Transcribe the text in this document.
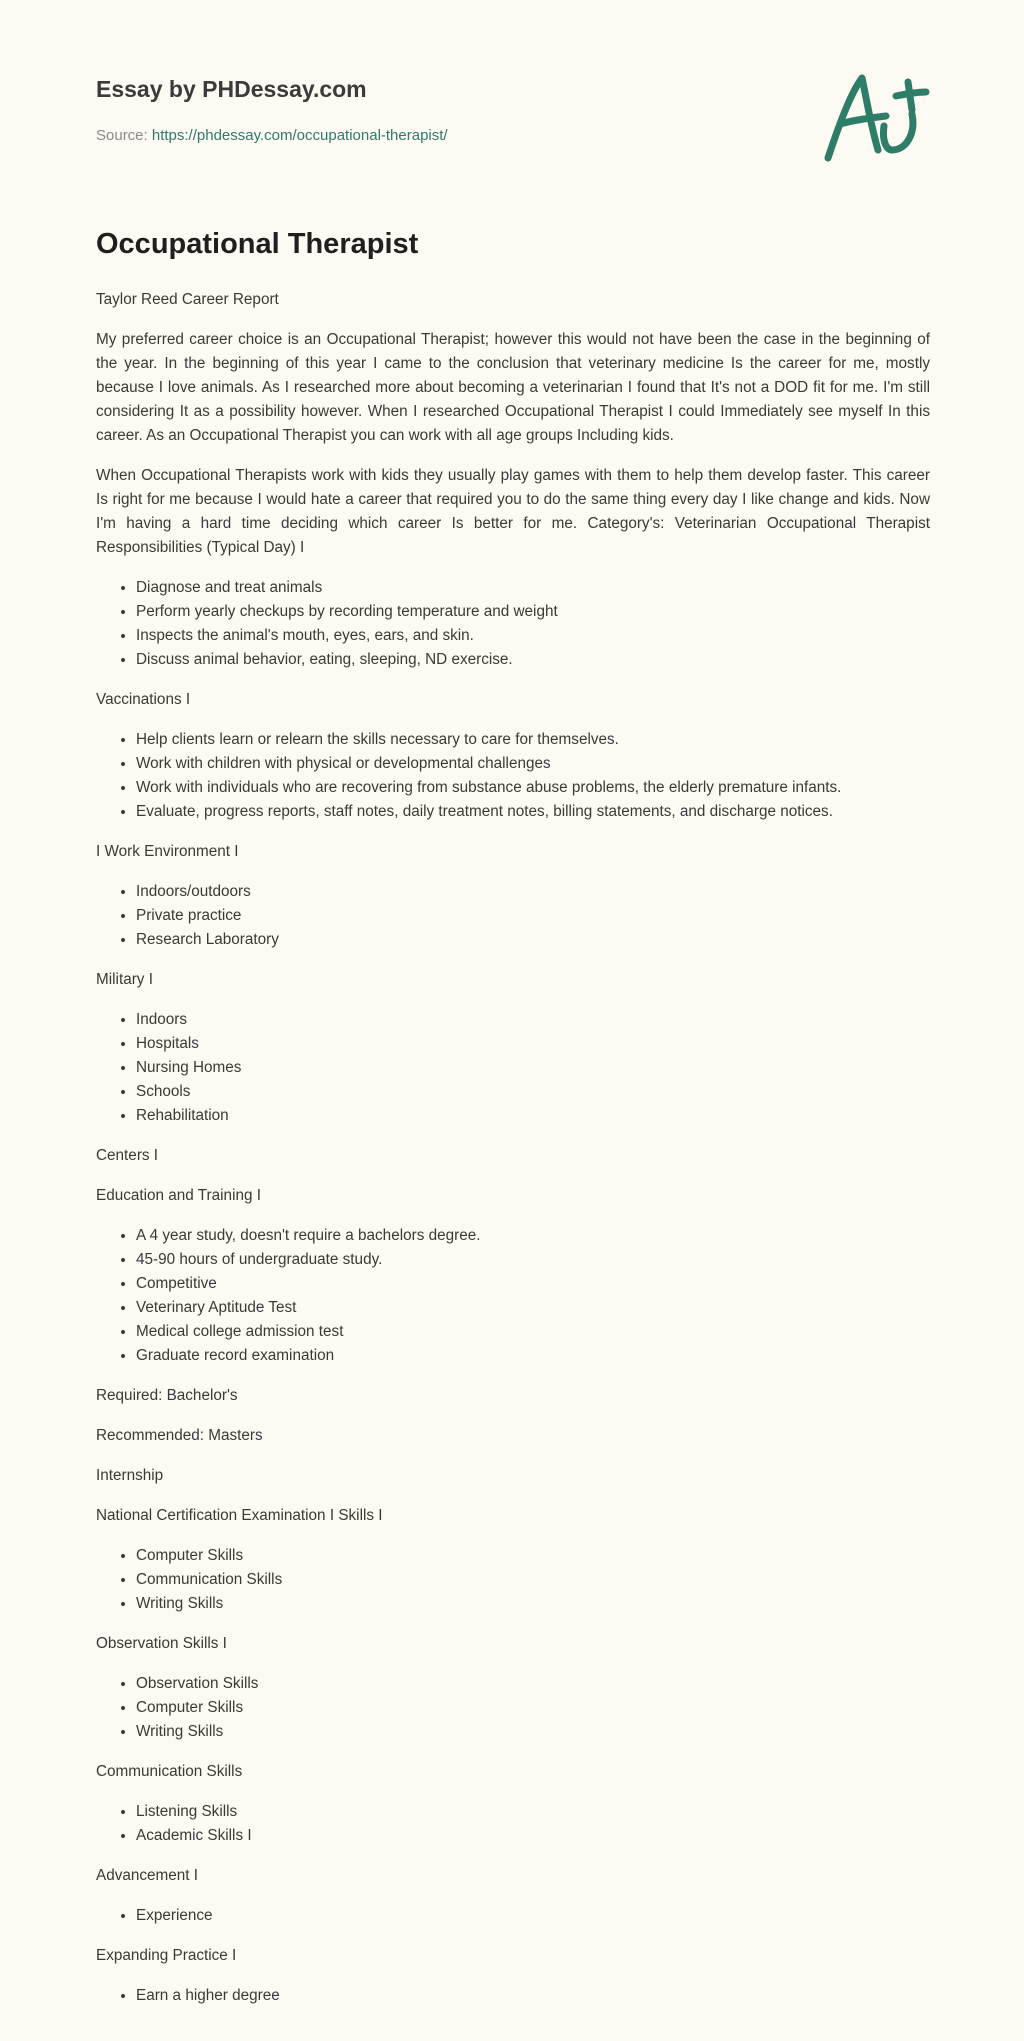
Essay by PHDessay.com
Source: https://phdessay.com/occupational-therapist/
Occupational Therapist

Taylor Reed Career Report

My preferred career choice is an Occupational Therapist; however this would not have been the case in the beginning of the year. In the beginning of this year I came to the conclusion that veterinary medicine Is the career for me, mostly because I love animals. As I researched more about becoming a veterinarian I found that It's not a DOD fit for me. I'm still considering It as a possibility however. When I researched Occupational Therapist I could Immediately see myself In this career. As an Occupational Therapist you can work with all age groups Including kids.

When Occupational Therapists work with kids they usually play games with them to help them develop faster. This career Is right for me because I would hate a career that required you to do the same thing every day I like change and kids. Now I'm having a hard time deciding which career Is better for me. Category's: Veterinarian Occupational Therapist Responsibilities (Typical Day) I

• Diagnose and treat animals
• Perform yearly checkups by recording temperature and weight
• Inspects the animal's mouth, eyes, ears, and skin.
• Discuss animal behavior, eating, sleeping, ND exercise.

Vaccinations I

• Help clients learn or relearn the skills necessary to care for themselves.
• Work with children with physical or developmental challenges
• Work with individuals who are recovering from substance abuse problems, the elderly premature infants.
• Evaluate, progress reports, staff notes, daily treatment notes, billing statements, and discharge notices.

I Work Environment I

• Indoors/outdoors
• Private practice
• Research Laboratory

Military I

• Indoors
• Hospitals
• Nursing Homes
• Schools
• Rehabilitation

Centers I

Education and Training I

• A 4 year study, doesn't require a bachelors degree.
• 45-90 hours of undergraduate study.
• Competitive
• Veterinary Aptitude Test
• Medical college admission test
• Graduate record examination

Required: Bachelor's

Recommended: Masters

Internship

National Certification Examination I Skills I

• Computer Skills
• Communication Skills
• Writing Skills

Observation Skills I

• Observation Skills
• Computer Skills
• Writing Skills

Communication Skills

• Listening Skills
• Academic Skills I

Advancement I

• Experience

Expanding Practice I

• Earn a higher degree
